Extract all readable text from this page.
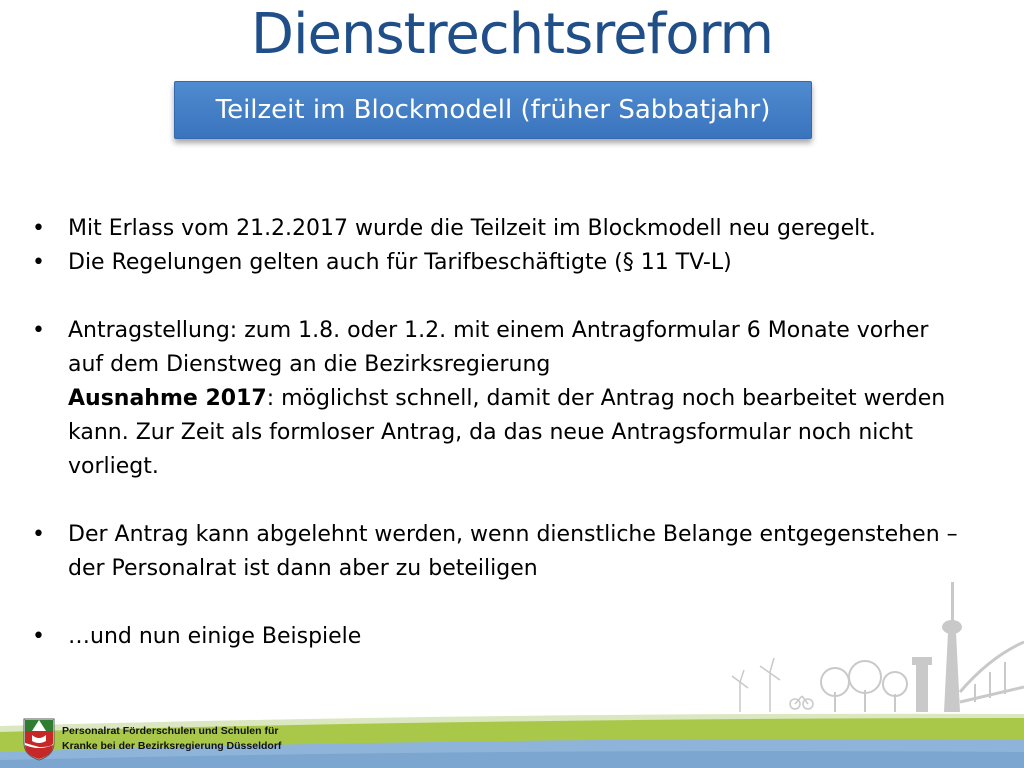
Dienstrechtsreform
Teilzeit im Blockmodell (früher Sabbatjahr)
• Mit Erlass vom 21.2.2017 wurde die Teilzeit im Blockmodell neu geregelt.
• Die Regelungen gelten auch für Tarifbeschäftigte (§ 11 TV-L)
• Antragstellung: zum 1.8. oder 1.2. mit einem Antragformular 6 Monate vorher
auf dem Dienstweg an die Bezirksregierung
Ausnahme 2017: möglichst schnell, damit der Antrag noch bearbeitet werden
kann. Zur Zeit als formloser Antrag, da das neue Antragsformular noch nicht
vorliegt.
• Der Antrag kann abgelehnt werden, wenn dienstliche Belange entgegenstehen –
der Personalrat ist dann aber zu beteiligen
• …und nun einige Beispiele
Personalrat Förderschulen und Schulen für
Kranke bei der Bezirksregierung Düsseldorf
